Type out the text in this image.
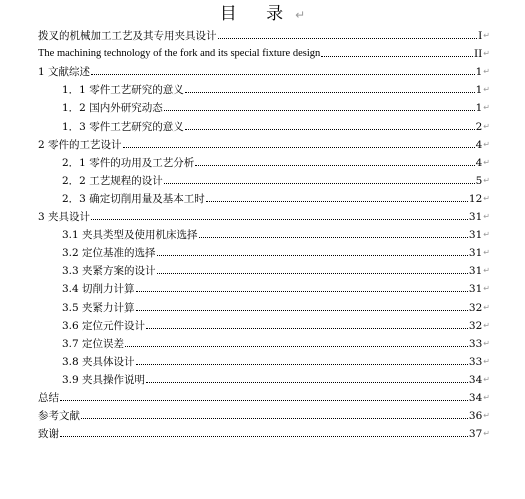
目 录↵
拨叉的机械加工工艺及其专用夹具设计	I ↵
The machining technology of the fork and its special fixture design	II ↵
1 文献综述	1 ↵
1．1 零件工艺研究的意义	1 ↵
1．2 国内外研究动态	1 ↵
1．3 零件工艺研究的意义	2 ↵
2 零件的工艺设计	4 ↵
2．1 零件的功用及工艺分析	4 ↵
2．2 工艺规程的设计	5 ↵
2．3 确定切削用量及基本工时	12 ↵
3 夹具设计	31 ↵
3.1 夹具类型及使用机床选择	31 ↵
3.2 定位基准的选择	31 ↵
3.3 夹紧方案的设计	31 ↵
3.4 切削力计算	31 ↵
3.5 夹紧力计算	32 ↵
3.6 定位元件设计	32 ↵
3.7 定位误差	33 ↵
3.8 夹具体设计	33 ↵
3.9 夹具操作说明	34 ↵
总结	34 ↵
参考文献	36 ↵
致谢	37 ↵
